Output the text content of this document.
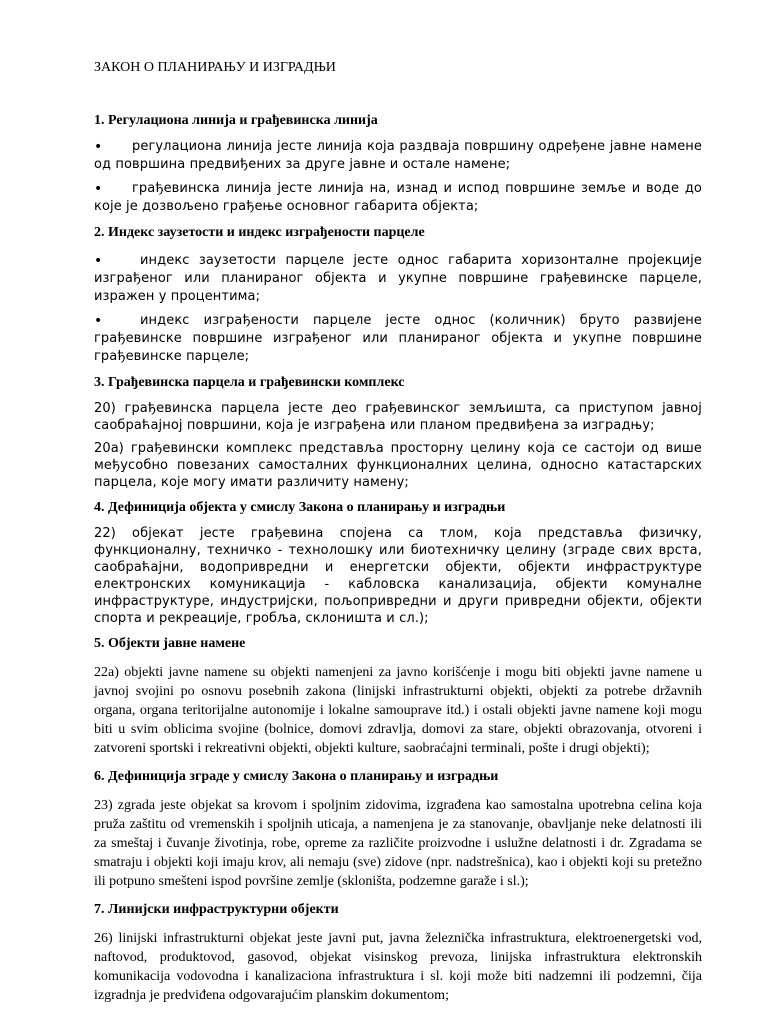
ЗАКОН О ПЛАНИРАЊУ И ИЗГРАДЊИ
1. Регулациона линија и грађевинска линија
• регулациона линија јесте линија која раздваја површину одређене јавне намене од површина предвиђених за друге јавне и остале намене;
• грађевинска линија јесте линија на, изнад и испод површине земље и воде до које је дозвољено грађење основног габарита објекта;
2. Индекс заузетости и индекс изграђености парцеле
•	индекс заузетости парцеле јесте однос габарита хоризонталне пројекције изграђеног или планираног објекта и укупне површине грађевинске парцеле, изражен у процентима;
•	индекс изграђености парцеле јесте однос (количник) бруто развијене грађевинске површине изграђеног или планираног објекта и укупне површине грађевинске парцеле;
3. Грађевинска парцела и грађевински комплекс
20) грађевинска парцела јесте део грађевинског земљишта, са приступом јавној саобраћајној површини, која је изграђена или планом предвиђена за изградњу;
20а) грађевински комплекс представља просторну целину која се састоји од више међусобно повезаних самосталних функционалних целина, односно катастарских парцела, које могу имати различиту намену;
4. Дефиниција објекта у смислу Закона о планирању и изградњи
22) објекат јесте грађевина спојена са тлом, која представља физичку, функционалну, техничко - технолошку или биотехничку целину (зграде свих врста, саобраћајни, водопривредни и енергетски објекти, објекти инфраструктуре електронских комуникација - кабловска канализација, објекти комуналне инфраструктуре, индустријски, пољопривредни и други привредни објекти, објекти спорта и рекреације, гробља, склоништа и сл.);
5. Објекти јавне намене
22a) objekti javne namene su objekti namenjeni za javno korišćenje i mogu biti objekti javne namene u javnoj svojini po osnovu posebnih zakona (linijski infrastrukturni objekti, objekti za potrebe državnih organa, organa teritorijalne autonomije i lokalne samouprave itd.) i ostali objekti javne namene koji mogu biti u svim oblicima svojine (bolnice, domovi zdravlja, domovi za stare, objekti obrazovanja, otvoreni i zatvoreni sportski i rekreativni objekti, objekti kulture, saobraćajni terminali, pošte i drugi objekti);
6. Дефиниција зграде у смислу Закона о планирању и изградњи
23) zgrada jeste objekat sa krovom i spoljnim zidovima, izgrađena kao samostalna upotrebna celina koja pruža zaštitu od vremenskih i spoljnih uticaja, a namenjena je za stanovanje, obavljanje neke delatnosti ili za smeštaj i čuvanje životinja, robe, opreme za različite proizvodne i uslužne delatnosti i dr. Zgradama se smatraju i objekti koji imaju krov, ali nemaju (sve) zidove (npr. nadstrešnica), kao i objekti koji su pretežno ili potpuno smešteni ispod površine zemlje (skloništa, podzemne garaže i sl.);
7. Линијски инфраструктурни објекти
26) linijski infrastrukturni objekat jeste javni put, javna železnička infrastruktura, elektroenergetski vod, naftovod, produktovod, gasovod, objekat visinskog prevoza, linijska infrastruktura elektronskih komunikacija vodovodna i kanalizaciona infrastruktura i sl. koji može biti nadzemni ili podzemni, čija izgradnja je predviđena odgovarajućim planskim dokumentom;
